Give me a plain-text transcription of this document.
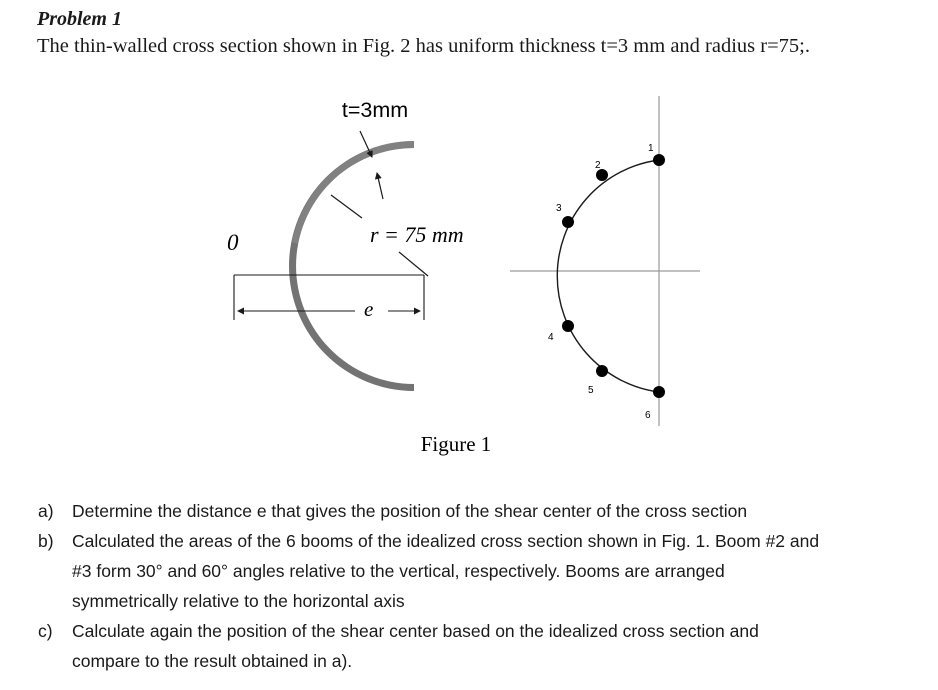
Problem 1
The thin-walled cross section shown in Fig. 2 has uniform thickness t=3 mm and radius r=75;.
t=3mm
r = 75 mm
0
e
1
2
3
4
5
6
Figure 1
a) Determine the distance e that gives the position of the shear center of the cross section
b) Calculated the areas of the 6 booms of the idealized cross section shown in Fig. 1. Boom #2 and
#3 form 30° and 60° angles relative to the vertical, respectively. Booms are arranged
symmetrically relative to the horizontal axis
c) Calculate again the position of the shear center based on the idealized cross section and
compare to the result obtained in a).
